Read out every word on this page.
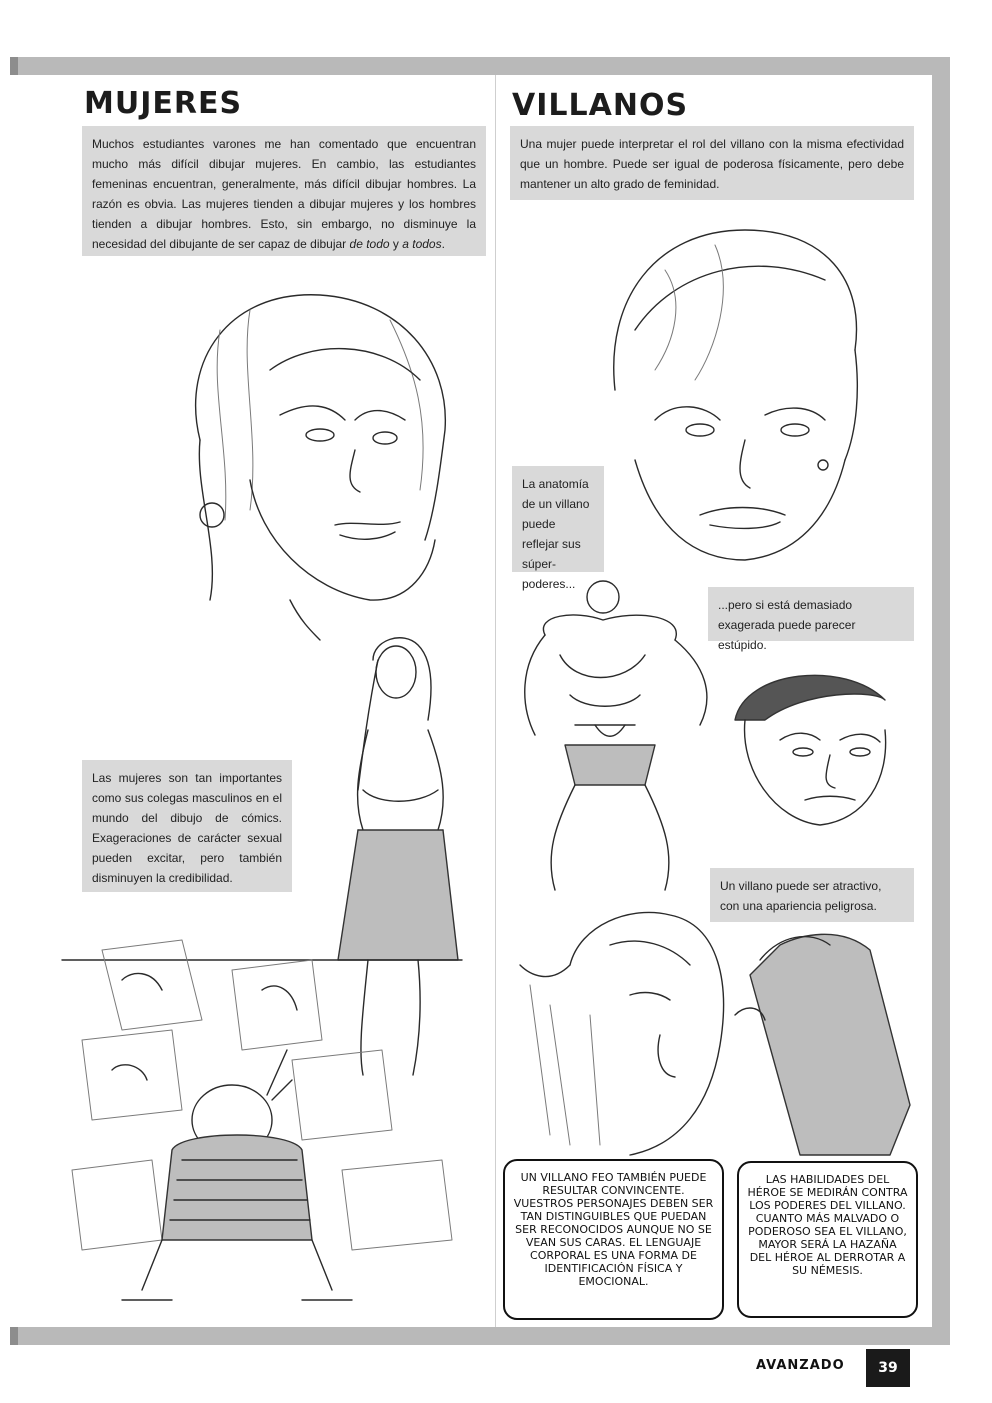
MUJERES
Muchos estudiantes varones me han comentado que encuentran mucho más difícil dibujar mujeres. En cambio, las estudiantes femeninas encuentran, generalmente, más difícil dibujar hombres. La razón es obvia. Las mujeres tienden a dibujar mujeres y los hombres tienden a dibujar hombres. Esto, sin embargo, no disminuye la necesidad del dibujante de ser capaz de dibujar de todo y a todos.
Las mujeres son tan importantes como sus colegas masculinos en el mundo del dibujo de cómics. Exageraciones de carácter sexual pueden excitar, pero también disminuyen la credibilidad.
VILLANOS
Una mujer puede interpretar el rol del villano con la misma efectividad que un hombre. Puede ser igual de poderosa físicamente, pero debe mantener un alto grado de feminidad.
La anatomía de un villano puede reflejar sus súper-poderes...
...pero si está demasiado exagerada puede parecer estúpido.
Un villano puede ser atractivo, con una apariencia peligrosa.
UN VILLANO FEO TAMBIÉN PUEDE RESULTAR CONVINCENTE. VUESTROS PERSONAJES DEBEN SER TAN DISTINGUIBLES QUE PUEDAN SER RECONOCIDOS AUNQUE NO SE VEAN SUS CARAS. EL LENGUAJE CORPORAL ES UNA FORMA DE IDENTIFICACIÓN FÍSICA Y EMOCIONAL.
LAS HABILIDADES DEL HÉROE SE MEDIRÁN CONTRA LOS PODERES DEL VILLANO. CUANTO MÁS MALVADO O PODEROSO SEA EL VILLANO, MAYOR SERÁ LA HAZAÑA DEL HÉROE AL DERROTAR A SU NÉMESIS.
AVANZADO	39
